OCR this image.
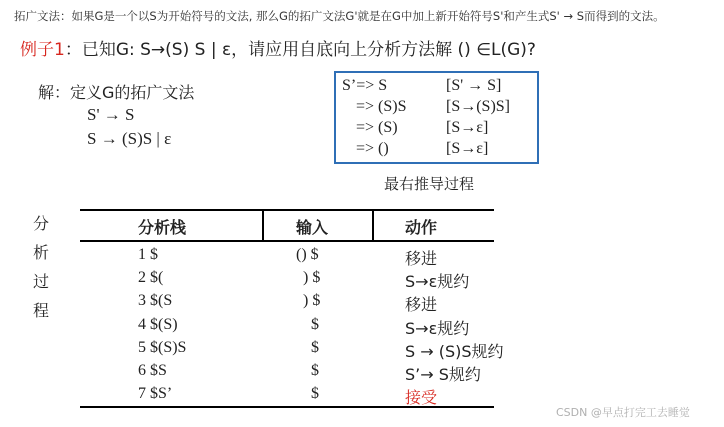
拓广文法：如果G是一个以S为开始符号的文法, 那么G的拓广文法G'就是在G中加上新开始符号S'和产生式S' → S而得到的文法。
例子1：已知G: S→(S) S | ε，请应用自底向上分析方法解 () ∈L(G)?
解：定义G的拓广文法
S' → S
S → (S)S | ε
S’=> S	[S' → S]
=> (S)S [S→(S)S]
=> (S)	[S→ε]
=> ()	[S→ε]
最右推导过程
分
析
过
程
分析栈	输入	动作
1 $	() $	移进
2 $(	) $	S→ε规约
3 $(S	) $	移进
4 $(S)	$	S→ε规约
5 $(S)S	$	S → (S)S规约
6 $S	$	S’→ S规约
7 $S’	$	接受
CSDN @早点打完工去睡觉
